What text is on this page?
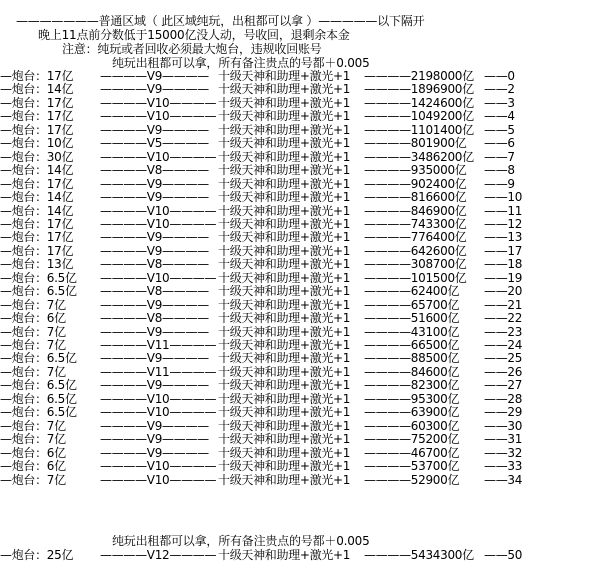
———————普通区域（ 此区域纯玩，出租都可以拿 ）—————以下隔开
晚上11点前分数低于15000亿没人动，号收回，退剩余本金
注意：纯玩或者回收必须最大炮台，违规收回账号
纯玩出租都可以拿，所有备注贵点的号都＋0.005
—炮台：17亿 ————V9———— 十级天神和助理+激光+1 ————2198000亿 ——0
—炮台：14亿 ————V9———— 十级天神和助理+激光+1 ————1896900亿 ——2
—炮台：17亿 ————V10———— 十级天神和助理+激光+1 ————1424600亿 ——3
—炮台：17亿 ————V10———— 十级天神和助理+激光+1 ————1049200亿 ——4
—炮台：17亿 ————V9———— 十级天神和助理+激光+1 ————1101400亿 ——5
—炮台：10亿 ————V5———— 十级天神和助理+激光+1 ————801900亿 ——6
—炮台：30亿 ————V10———— 十级天神和助理+激光+1 ————3486200亿 ——7
—炮台：14亿 ————V8———— 十级天神和助理+激光+1 ————935000亿 ——8
—炮台：17亿 ————V9———— 十级天神和助理+激光+1 ————902400亿 ——9
—炮台：14亿 ————V9———— 十级天神和助理+激光+1 ————816600亿 ——10
—炮台：14亿 ————V10———— 十级天神和助理+激光+1 ————846900亿 ——11
—炮台：17亿 ————V10———— 十级天神和助理+激光+1 ————743300亿 ——12
—炮台：17亿 ————V9———— 十级天神和助理+激光+1 ————776400亿 ——13
—炮台：17亿 ————V9———— 十级天神和助理+激光+1 ————642600亿 ——17
—炮台：13亿 ————V8———— 十级天神和助理+激光+1 ————308700亿 ——18
—炮台：6.5亿 ————V10———— 十级天神和助理+激光+1 ————101500亿 ——19
—炮台：6.5亿 ————V8———— 十级天神和助理+激光+1 ————62400亿 ——20
—炮台：7亿	————V9———— 十级天神和助理+激光+1 ————65700亿 ——21
—炮台：6亿	————V8———— 十级天神和助理+激光+1 ————51600亿 ——22
—炮台：7亿	————V9———— 十级天神和助理+激光+1 ————43100亿 ——23
—炮台：7亿	————V11———— 十级天神和助理+激光+1 ————66500亿 ——24
—炮台：6.5亿 ————V9———— 十级天神和助理+激光+1 ————88500亿 ——25
—炮台：7亿	————V11———— 十级天神和助理+激光+1 ————84600亿 ——26
—炮台：6.5亿 ————V9———— 十级天神和助理+激光+1 ————82300亿 ——27
—炮台：6.5亿 ————V10———— 十级天神和助理+激光+1 ————95300亿 ——28
—炮台：6.5亿 ————V10———— 十级天神和助理+激光+1 ————63900亿 ——29
—炮台：7亿	————V9———— 十级天神和助理+激光+1 ————60300亿 ——30
—炮台：7亿	————V9———— 十级天神和助理+激光+1 ————75200亿 ——31
—炮台：6亿	————V9———— 十级天神和助理+激光+1 ————46700亿 ——32
—炮台：6亿	————V10———— 十级天神和助理+激光+1 ————53700亿 ——33
—炮台：7亿	————V10———— 十级天神和助理+激光+1 ————52900亿 ——34
纯玩出租都可以拿，所有备注贵点的号都＋0.005
—炮台：25亿 ————V12———— 十级天神和助理+激光+1 ————5434300亿 ——50
